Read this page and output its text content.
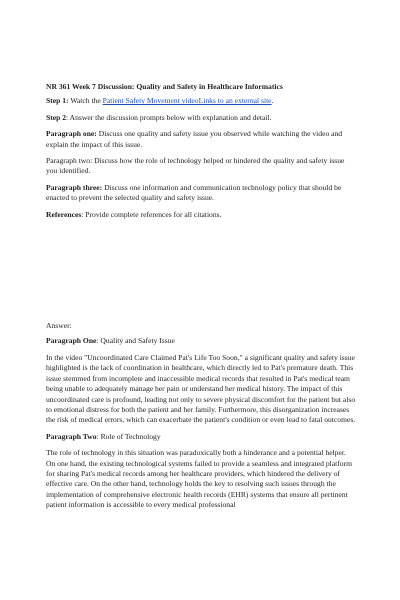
NR 361 Week 7 Discussion: Quality and Safety in Healthcare Informatics

Step 1: Watch the Patient Safety Movement videoLinks to an external site.

Step 2: Answer the discussion prompts below with explanation and detail.

Paragraph one: Discuss one quality and safety issue you observed while watching the video and explain the impact of this issue.

Paragraph two: Discuss how the role of technology helped or hindered the quality and safety issue you identified.

Paragraph three: Discuss one information and communication technology policy that should be enacted to prevent the selected quality and safety issue.

References: Provide complete references for all citations.

Answer:

Paragraph One: Quality and Safety Issue

In the video "Uncoordinated Care Claimed Pat's Life Too Soon," a significant quality and safety issue highlighted is the lack of coordination in healthcare, which directly led to Pat's premature death. This issue stemmed from incomplete and inaccessible medical records that resulted in Pat's medical team being unable to adequately manage her pain or understand her medical history. The impact of this uncoordinated care is profound, leading not only to severe physical discomfort for the patient but also to emotional distress for both the patient and her family. Furthermore, this disorganization increases the risk of medical errors, which can exacerbate the patient's condition or even lead to fatal outcomes.

Paragraph Two: Role of Technology

The role of technology in this situation was paradoxically both a hinderance and a potential helper. On one hand, the existing technological systems failed to provide a seamless and integrated platform for sharing Pat's medical records among her healthcare providers, which hindered the delivery of effective care. On the other hand, technology holds the key to resolving such issues through the implementation of comprehensive electronic health records (EHR) systems that ensure all pertinent patient information is accessible to every medical professional
